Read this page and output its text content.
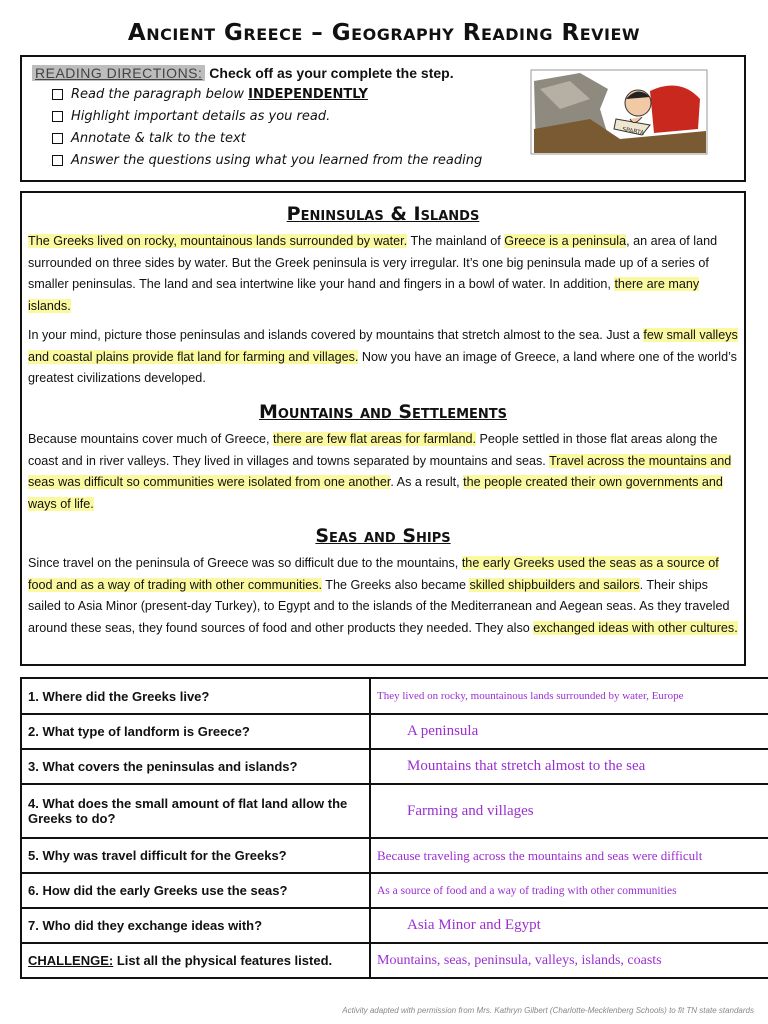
Ancient Greece – Geography Reading Review
READING DIRECTIONS: Check off as your complete the step.
Read the paragraph below INDEPENDENTLY
Highlight important details as you read.
Annotate & talk to the text
Answer the questions using what you learned from the reading
SPARTA
Peninsulas & Islands
The Greeks lived on rocky, mountainous lands surrounded by water. The mainland of Greece is a peninsula, an area of land surrounded on three sides by water. But the Greek peninsula is very irregular. It’s one big peninsula made up of a series of smaller peninsulas. The land and sea intertwine like your hand and fingers in a bowl of water. In addition, there are many islands.
In your mind, picture those peninsulas and islands covered by mountains that stretch almost to the sea. Just a few small valleys and coastal plains provide flat land for farming and villages. Now you have an image of Greece, a land where one of the world’s greatest civilizations developed.
Mountains and Settlements
Because mountains cover much of Greece, there are few flat areas for farmland. People settled in those flat areas along the coast and in river valleys. They lived in villages and towns separated by mountains and seas. Travel across the mountains and seas was difficult so communities were isolated from one another. As a result, the people created their own governments and ways of life.
Seas and Ships
Since travel on the peninsula of Greece was so difficult due to the mountains, the early Greeks used the seas as a source of food and as a way of trading with other communities. The Greeks also became skilled shipbuilders and sailors. Their ships sailed to Asia Minor (present-day Turkey), to Egypt and to the islands of the Mediterranean and Aegean seas. As they traveled around these seas, they found sources of food and other products they needed. They also exchanged ideas with other cultures.
1. Where did the Greeks live?	They lived on rocky, mountainous lands surrounded by water, Europe
2. What type of landform is Greece?	A peninsula
3. What covers the peninsulas and islands?	Mountains that stretch almost to the sea
4. What does the small amount of flat land allow the Greeks to do?	Farming and villages
5. Why was travel difficult for the Greeks?	Because traveling across the mountains and seas were difficult
6. How did the early Greeks use the seas?	As a source of food and a way of trading with other communities
7. Who did they exchange ideas with?	Asia Minor and Egypt
CHALLENGE: List all the physical features listed.	Mountains, seas, peninsula, valleys, islands, coasts
Activity adapted with permission from Mrs. Kathryn Gilbert (Charlotte-Mecklenberg Schools) to fit TN state standards
